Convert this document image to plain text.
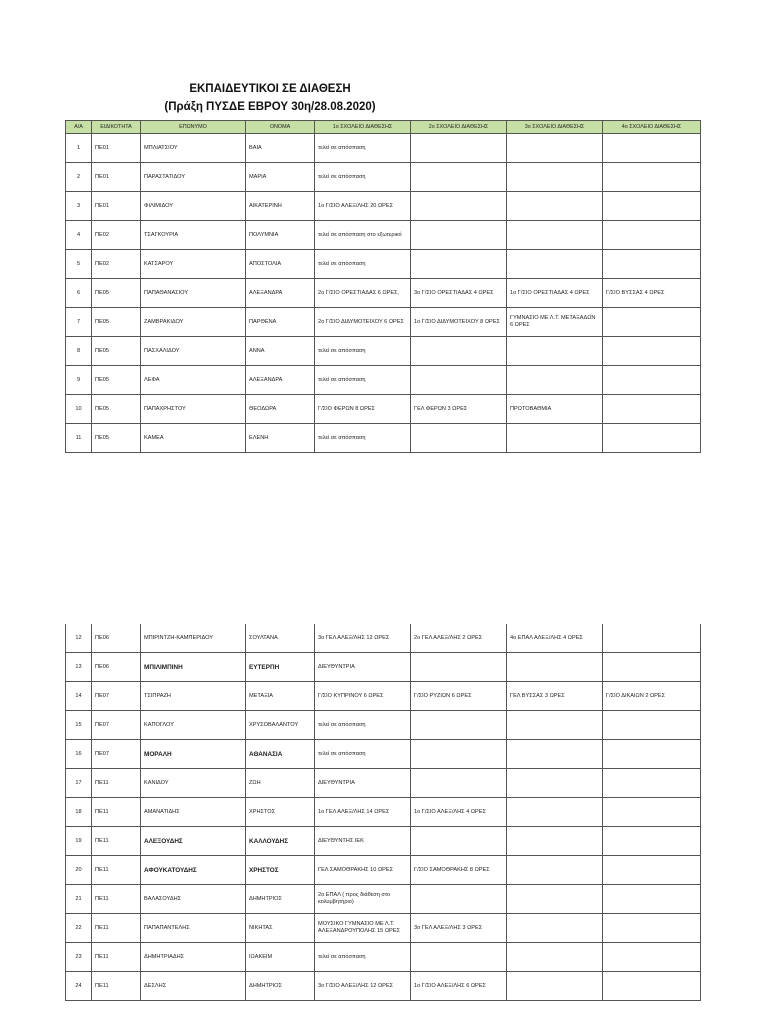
ΕΚΠΑΙΔΕΥΤΙΚΟΙ ΣΕ ΔΙΑΘΕΣΗ
(Πράξη ΠΥΣΔΕ ΕΒΡΟΥ 30η/28.08.2020)
Α/Α	ΕΙΔΙΚΟΤΗΤΑ	ΕΠΩΝΥΜΟ	ΟΝΟΜΑ	1ο ΣΧΟΛΕΙΟ ΔΙΑΘΕΣΗΣ	2ο ΣΧΟΛΕΙΟ ΔΙΑΘΕΣΗΣ	3ο ΣΧΟΛΕΙΟ ΔΙΑΘΕΣΗΣ	4ο ΣΧΟΛΕΙΟ ΔΙΑΘΕΣΗΣ
1	ΠΕ01	ΜΠΛΙΑΤΣΙΟΥ	ΒΑΙΑ	τελεί σε απόσπαση			
2	ΠΕ01	ΠΑΡΑΣΤΑΤΙΔΟΥ	ΜΑΡΙΑ	τελεί σε απόσπαση			
3	ΠΕ01	ΦΙΛΙΜΙΔΟΥ	ΑΙΚΑΤΕΡΙΝΗ	1ο Γ/ΣΙΟ ΑΛΕΞ/ΛΗΣ 20 ΩΡΕΣ			
4	ΠΕ02	ΤΣΑΓΚΟΥΡΙΑ	ΠΟΛΥΜΝΙΑ	τελεί σε απόσπαση στο εξωτερικό			
5	ΠΕ02	ΚΑΤΣΑΡΟΥ	ΑΠΟΣΤΟΛΙΑ	τελεί σε απόσπαση			
6	ΠΕ05	ΠΑΠΑΘΑΝΑΣΙΟΥ	ΑΛΕΞΑΝΔΡΑ	2ο Γ/ΣΙΟ ΟΡΕΣΤΙΑΔΑΣ 6 ΩΡΕΣ,	3ο Γ/ΣΙΟ ΟΡΕΣΤΙΑΔΑΣ 4 ΩΡΕΣ	1ο Γ/ΣΙΟ ΟΡΕΣΤΙΑΔΑΣ 4 ΩΡΕΣ	Γ/ΣΙΟ ΒΥΣΣΑΣ 4 ΩΡΕΣ
7	ΠΕ05	ΖΑΜΒΡΑΚΙΔΟΥ	ΠΑΡΘΕΝΑ	2ο Γ/ΣΙΟ ΔΙΔΥΜΟΤΕΙΧΟΥ 6 ΩΡΕΣ	1ο Γ/ΣΙΟ ΔΙΔΥΜΟΤΕΙΧΟΥ 8 ΩΡΕΣ	ΓΥΜΝΑΣΙΟ ΜΕ Λ.Τ. ΜΕΤΑΞΑΔΩΝ 6 ΩΡΕΣ	
8	ΠΕ05	ΠΑΣΧΑΛΙΔΟΥ	ΑΝΝΑ	τελεί σε απόσπαση			
9	ΠΕ05	ΛΕΦΑ	ΑΛΕΞΑΝΔΡΑ	τελεί σε απόσπαση			
10	ΠΕ05	ΠΑΠΑΧΡΗΣΤΟΥ	ΘΕΟΔΩΡΑ	Γ/ΣΙΟ ΦΕΡΩΝ 8 ΩΡΕΣ	ΓΕΛ ΦΕΡΩΝ 3 ΩΡΕΣ	ΠΡΩΤΟΒΑΘΜΙΑ	
11	ΠΕ05	ΚΑΜΕΑ	ΕΛΕΝΗ	τελεί σε απόσπαση			
12	ΠΕ06	ΜΠΙΡΙΝΤΖΗ-ΚΑΜΠΕΡΙΔΟΥ	ΣΟΥΛΤΑΝΑ	3ο ΓΕΛ ΑΛΕΞ/ΛΗΣ 12 ΩΡΕΣ	2ο ΓΕΛ ΑΛΕΞ/ΛΗΣ 2 ΩΡΕΣ	4ο ΕΠΑΛ ΑΛΕΞ/ΛΗΣ 4 ΩΡΕΣ	
13	ΠΕ06	ΜΠΙΛΙΜΠΙΝΗ	ΕΥΤΕΡΠΗ	ΔΙΕΥΘΥΝΤΡΙΑ			
14	ΠΕ07	ΤΣΙΠΡΑΖΗ	ΜΕΤΑΞΙΑ	Γ/ΣΙΟ ΚΥΠΡΙΝΟΥ 6 ΩΡΕΣ	Γ/ΣΙΟ ΡΥΖΙΩΝ 6 ΩΡΕΣ	ΓΕΛ ΒΥΣΣΑΣ 3 ΩΡΕΣ	Γ/ΣΙΟ ΔΙΚΑΙΩΝ 2 ΩΡΕΣ
15	ΠΕ07	ΚΑΠΟΓΛΟΥ	ΧΡΥΣΟΒΑΛΑΝΤΟΥ	τελεί σε απόσπαση			
16	ΠΕ07	ΜΟΡΑΛΗ	ΑΘΑΝΑΣΙΑ	τελεί σε απόσπαση			
17	ΠΕ11	ΚΑΝΙΔΟΥ	ΖΩΗ	ΔΙΕΥΘΥΝΤΡΙΑ			
18	ΠΕ11	ΑΜΑΝΑΤΙΔΗΣ	ΧΡΗΣΤΟΣ	1ο ΓΕΛ ΑΛΕΞ/ΛΗΣ 14 ΩΡΕΣ	1ο Γ/ΣΙΟ ΑΛΕΞ/ΛΗΣ 4 ΩΡΕΣ		
19	ΠΕ11	ΑΛΕΞΟΥΔΗΣ	ΚΑΛΛΟΥΔΗΣ	ΔΙΕΥΘΥΝΤΗΣ ΙΕΚ			
20	ΠΕ11	ΑΦΟΥΚΑΤΟΥΔΗΣ	ΧΡΗΣΤΟΣ	ΓΕΛ ΣΑΜΟΘΡΑΚΗΣ 10 ΩΡΕΣ	Γ/ΣΙΟ ΣΑΜΟΘΡΑΚΗΣ 8 ΩΡΕΣ		
21	ΠΕ11	ΒΑΛΑΣΟΥΔΗΣ	ΔΗΜΗΤΡΙΟΣ	2ο ΕΠΑΛ ( προς διάθεση στο κολυμβητήριο)			
22	ΠΕ11	ΠΑΠΑΠΑΝΤΕΛΗΣ	ΝΙΚΗΤΑΣ	ΜΟΥΣΙΚΟ ΓΥΜΝΑΣΙΟ ΜΕ Λ.Τ. ΑΛΕΞΑΝΔΡΟΥΠΟΛΗΣ 15 ΩΡΕΣ	3ο ΓΕΛ ΑΛΕΞ/ΛΗΣ 3 ΩΡΕΣ		
23	ΠΕ11	ΔΗΜΗΤΡΙΑΔΗΣ	ΙΩΑΚΕΙΜ	τελεί σε απόσπαση			
24	ΠΕ11	ΔΕΣΛΗΣ	ΔΗΜΗΤΡΙΟΣ	3ο Γ/ΣΙΟ ΑΛΕΞ/ΛΗΣ 12 ΩΡΕΣ	1ο Γ/ΣΙΟ ΑΛΕΞ/ΛΗΣ 6 ΩΡΕΣ		
